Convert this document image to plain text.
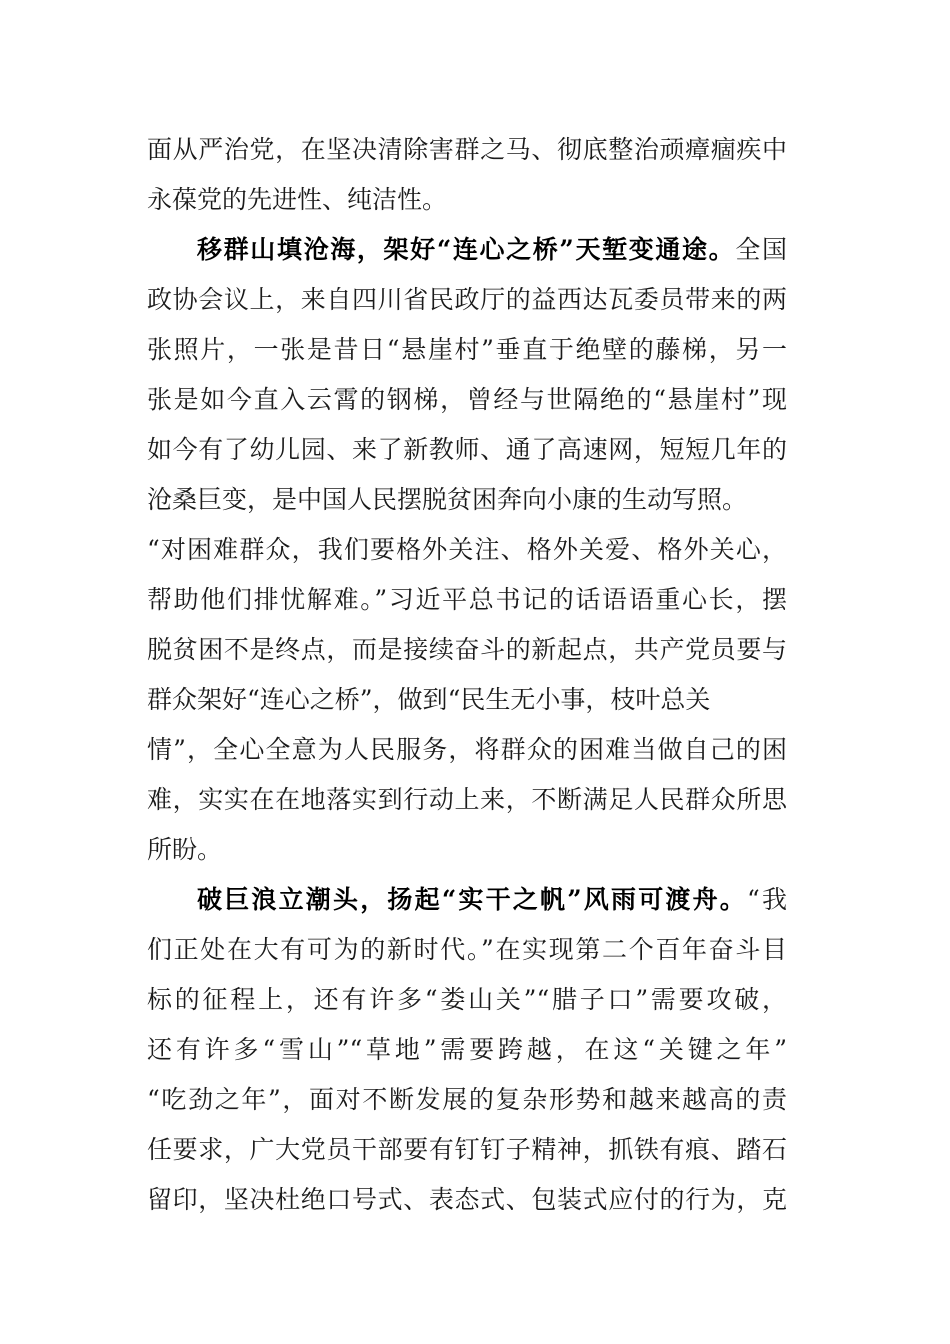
面从严治党，在坚决清除害群之马、彻底整治顽瘴痼疾中
永葆党的先进性、纯洁性。
移群山填沧海，架好“连心之桥”天堑变通途。全国
政协会议上，来自四川省民政厅的益西达瓦委员带来的两
张照片，一张是昔日“悬崖村”垂直于绝壁的藤梯，另一
张是如今直入云霄的钢梯，曾经与世隔绝的“悬崖村”现
如今有了幼儿园、来了新教师、通了高速网，短短几年的
沧桑巨变，是中国人民摆脱贫困奔向小康的生动写照。
“对困难群众，我们要格外关注、格外关爱、格外关心，
帮助他们排忧解难。”习近平总书记的话语语重心长，摆
脱贫困不是终点，而是接续奋斗的新起点，共产党员要与
群众架好“连心之桥”，做到“民生无小事，枝叶总关
情”，全心全意为人民服务，将群众的困难当做自己的困
难，实实在在地落实到行动上来，不断满足人民群众所思
所盼。
破巨浪立潮头，扬起“实干之帆”风雨可渡舟。“我
们正处在大有可为的新时代。”在实现第二个百年奋斗目
标的征程上，还有许多“娄山关”“腊子口”需要攻破，
还有许多“雪山”“草地”需要跨越，在这“关键之年”
“吃劲之年”，面对不断发展的复杂形势和越来越高的责
任要求，广大党员干部要有钉钉子精神，抓铁有痕、踏石
留印，坚决杜绝口号式、表态式、包装式应付的行为，克
